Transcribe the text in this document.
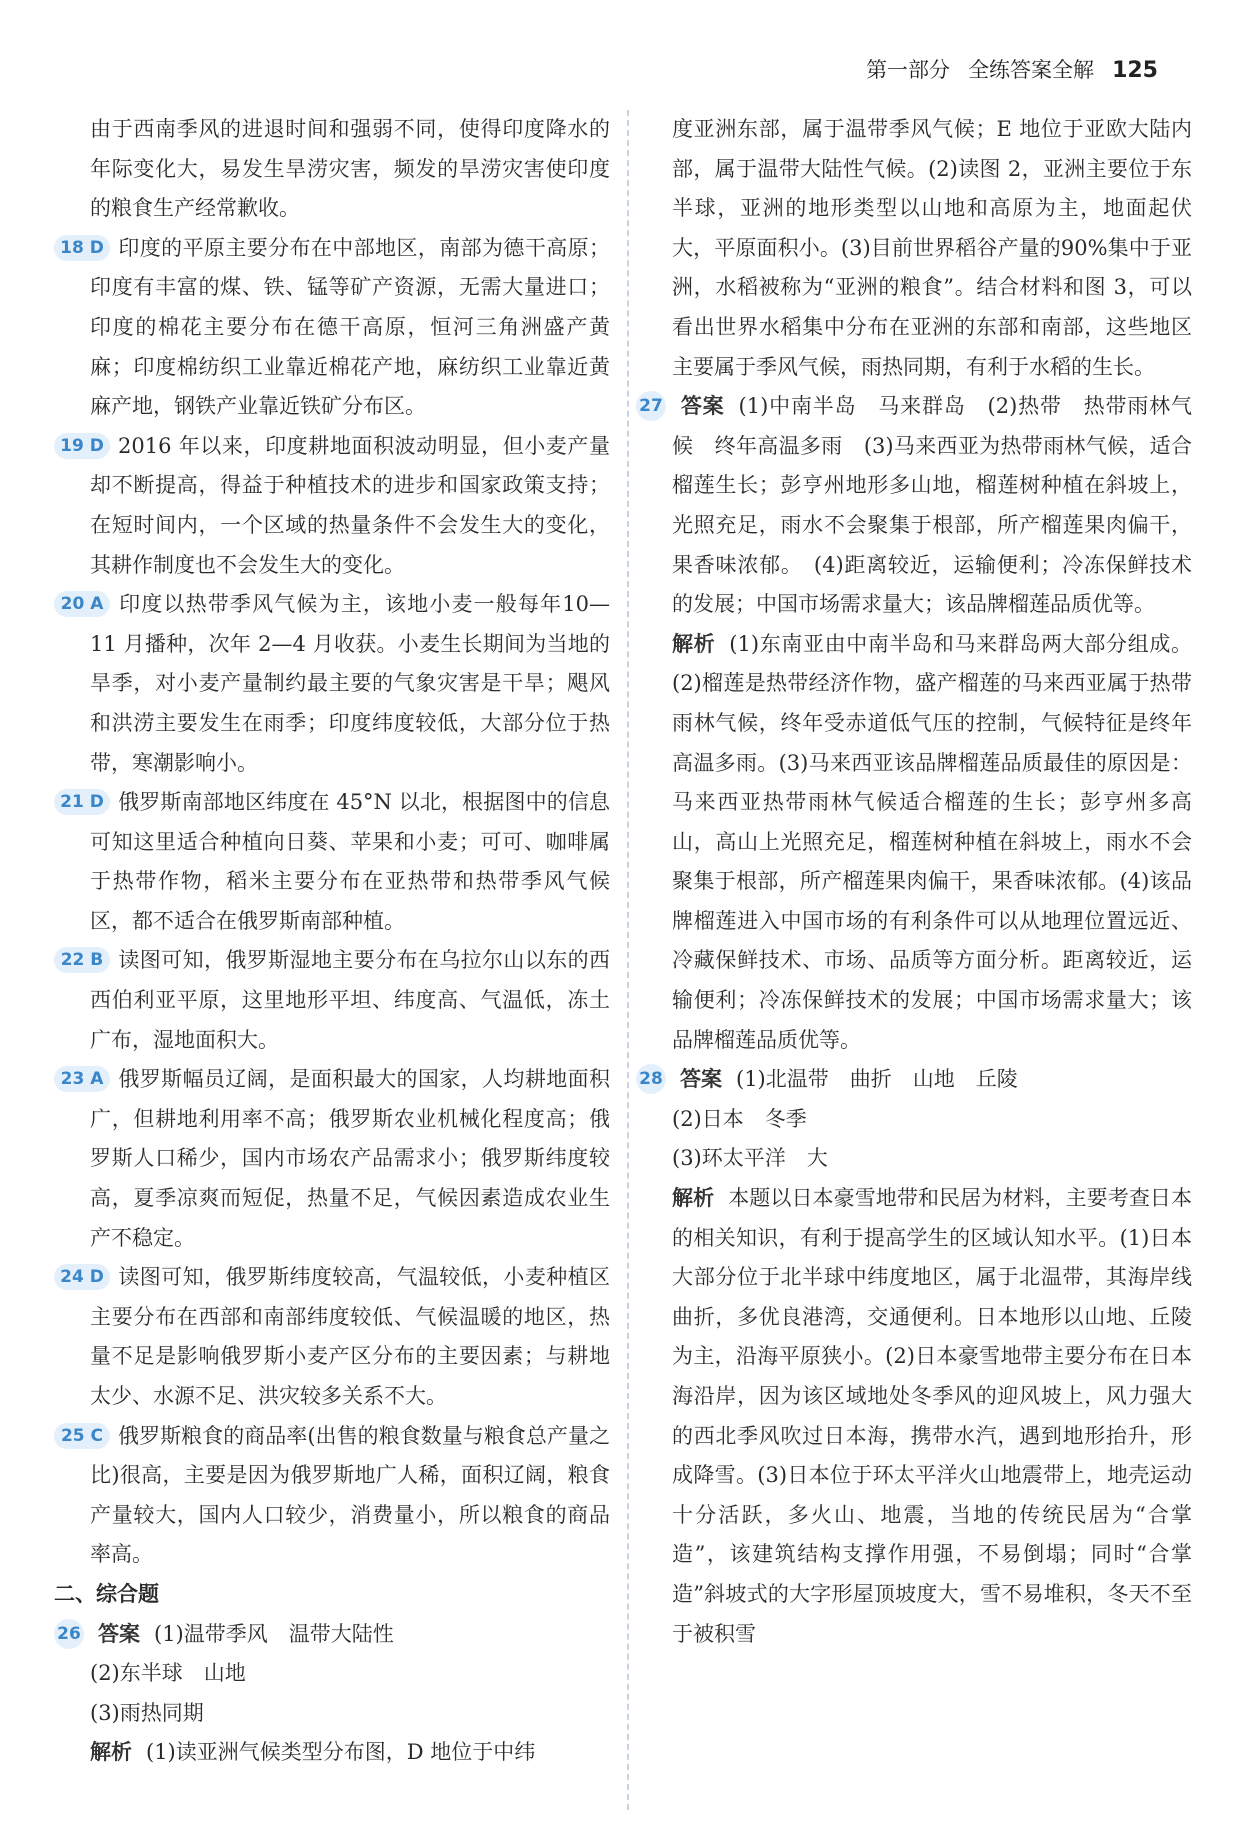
第一部分 全练答案全解 125

由于西南季风的进退时间和强弱不同，使得印度降水的年际变化大，易发生旱涝灾害，频发的旱涝灾害使印度的粮食生产经常歉收。

18 D 印度的平原主要分布在中部地区，南部为德干高原；印度有丰富的煤、铁、锰等矿产资源，无需大量进口；印度的棉花主要分布在德干高原，恒河三角洲盛产黄麻；印度棉纺织工业靠近棉花产地，麻纺织工业靠近黄麻产地，钢铁产业靠近铁矿分布区。

19 D 2016 年以来，印度耕地面积波动明显，但小麦产量却不断提高，得益于种植技术的进步和国家政策支持；在短时间内，一个区域的热量条件不会发生大的变化，其耕作制度也不会发生大的变化。

20 A 印度以热带季风气候为主，该地小麦一般每年10—11 月播种，次年 2—4 月收获。小麦生长期间为当地的旱季，对小麦产量制约最主要的气象灾害是干旱；飓风和洪涝主要发生在雨季；印度纬度较低，大部分位于热带，寒潮影响小。

21 D 俄罗斯南部地区纬度在 45°N 以北，根据图中的信息可知这里适合种植向日葵、苹果和小麦；可可、咖啡属于热带作物，稻米主要分布在亚热带和热带季风气候区，都不适合在俄罗斯南部种植。

22 B 读图可知，俄罗斯湿地主要分布在乌拉尔山以东的西西伯利亚平原，这里地形平坦、纬度高、气温低，冻土广布，湿地面积大。

23 A 俄罗斯幅员辽阔，是面积最大的国家，人均耕地面积广，但耕地利用率不高；俄罗斯农业机械化程度高；俄罗斯人口稀少，国内市场农产品需求小；俄罗斯纬度较高，夏季凉爽而短促，热量不足，气候因素造成农业生产不稳定。

24 D 读图可知，俄罗斯纬度较高，气温较低，小麦种植区主要分布在西部和南部纬度较低、气候温暖的地区，热量不足是影响俄罗斯小麦产区分布的主要因素；与耕地太少、水源不足、洪灾较多关系不大。

25 C 俄罗斯粮食的商品率(出售的粮食数量与粮食总产量之比)很高，主要是因为俄罗斯地广人稀，面积辽阔，粮食产量较大，国内人口较少，消费量小，所以粮食的商品率高。

二、综合题

26 答案 (1)温带季风　温带大陆性
(2)东半球　山地
(3)雨热同期

解析 (1)读亚洲气候类型分布图，D 地位于中纬

度亚洲东部，属于温带季风气候；E 地位于亚欧大陆内部，属于温带大陆性气候。(2)读图 2，亚洲主要位于东半球，亚洲的地形类型以山地和高原为主，地面起伏大，平原面积小。(3)目前世界稻谷产量的90%集中于亚洲，水稻被称为“亚洲的粮食”。结合材料和图 3，可以看出世界水稻集中分布在亚洲的东部和南部，这些地区主要属于季风气候，雨热同期，有利于水稻的生长。

27 答案 (1)中南半岛　马来群岛　(2)热带　热带雨林气候　终年高温多雨　(3)马来西亚为热带雨林气候，适合榴莲生长；彭亨州地形多山地，榴莲树种植在斜坡上，光照充足，雨水不会聚集于根部，所产榴莲果肉偏干，果香味浓郁。　(4)距离较近，运输便利；冷冻保鲜技术的发展；中国市场需求量大；该品牌榴莲品质优等。

解析 (1)东南亚由中南半岛和马来群岛两大部分组成。(2)榴莲是热带经济作物，盛产榴莲的马来西亚属于热带雨林气候，终年受赤道低气压的控制，气候特征是终年高温多雨。(3)马来西亚该品牌榴莲品质最佳的原因是：马来西亚热带雨林气候适合榴莲的生长；彭亨州多高山，高山上光照充足，榴莲树种植在斜坡上，雨水不会聚集于根部，所产榴莲果肉偏干，果香味浓郁。(4)该品牌榴莲进入中国市场的有利条件可以从地理位置远近、冷藏保鲜技术、市场、品质等方面分析。距离较近，运输便利；冷冻保鲜技术的发展；中国市场需求量大；该品牌榴莲品质优等。

28 答案 (1)北温带　曲折　山地　丘陵
(2)日本　冬季
(3)环太平洋　大

解析 本题以日本豪雪地带和民居为材料，主要考查日本的相关知识，有利于提高学生的区域认知水平。(1)日本大部分位于北半球中纬度地区，属于北温带，其海岸线曲折，多优良港湾，交通便利。日本地形以山地、丘陵为主，沿海平原狭小。(2)日本豪雪地带主要分布在日本海沿岸，因为该区域地处冬季风的迎风坡上，风力强大的西北季风吹过日本海，携带水汽，遇到地形抬升，形成降雪。(3)日本位于环太平洋火山地震带上，地壳运动十分活跃，多火山、地震，当地的传统民居为“合掌造”，该建筑结构支撑作用强，不易倒塌；同时“合掌造”斜坡式的大字形屋顶坡度大，雪不易堆积，冬天不至于被积雪
